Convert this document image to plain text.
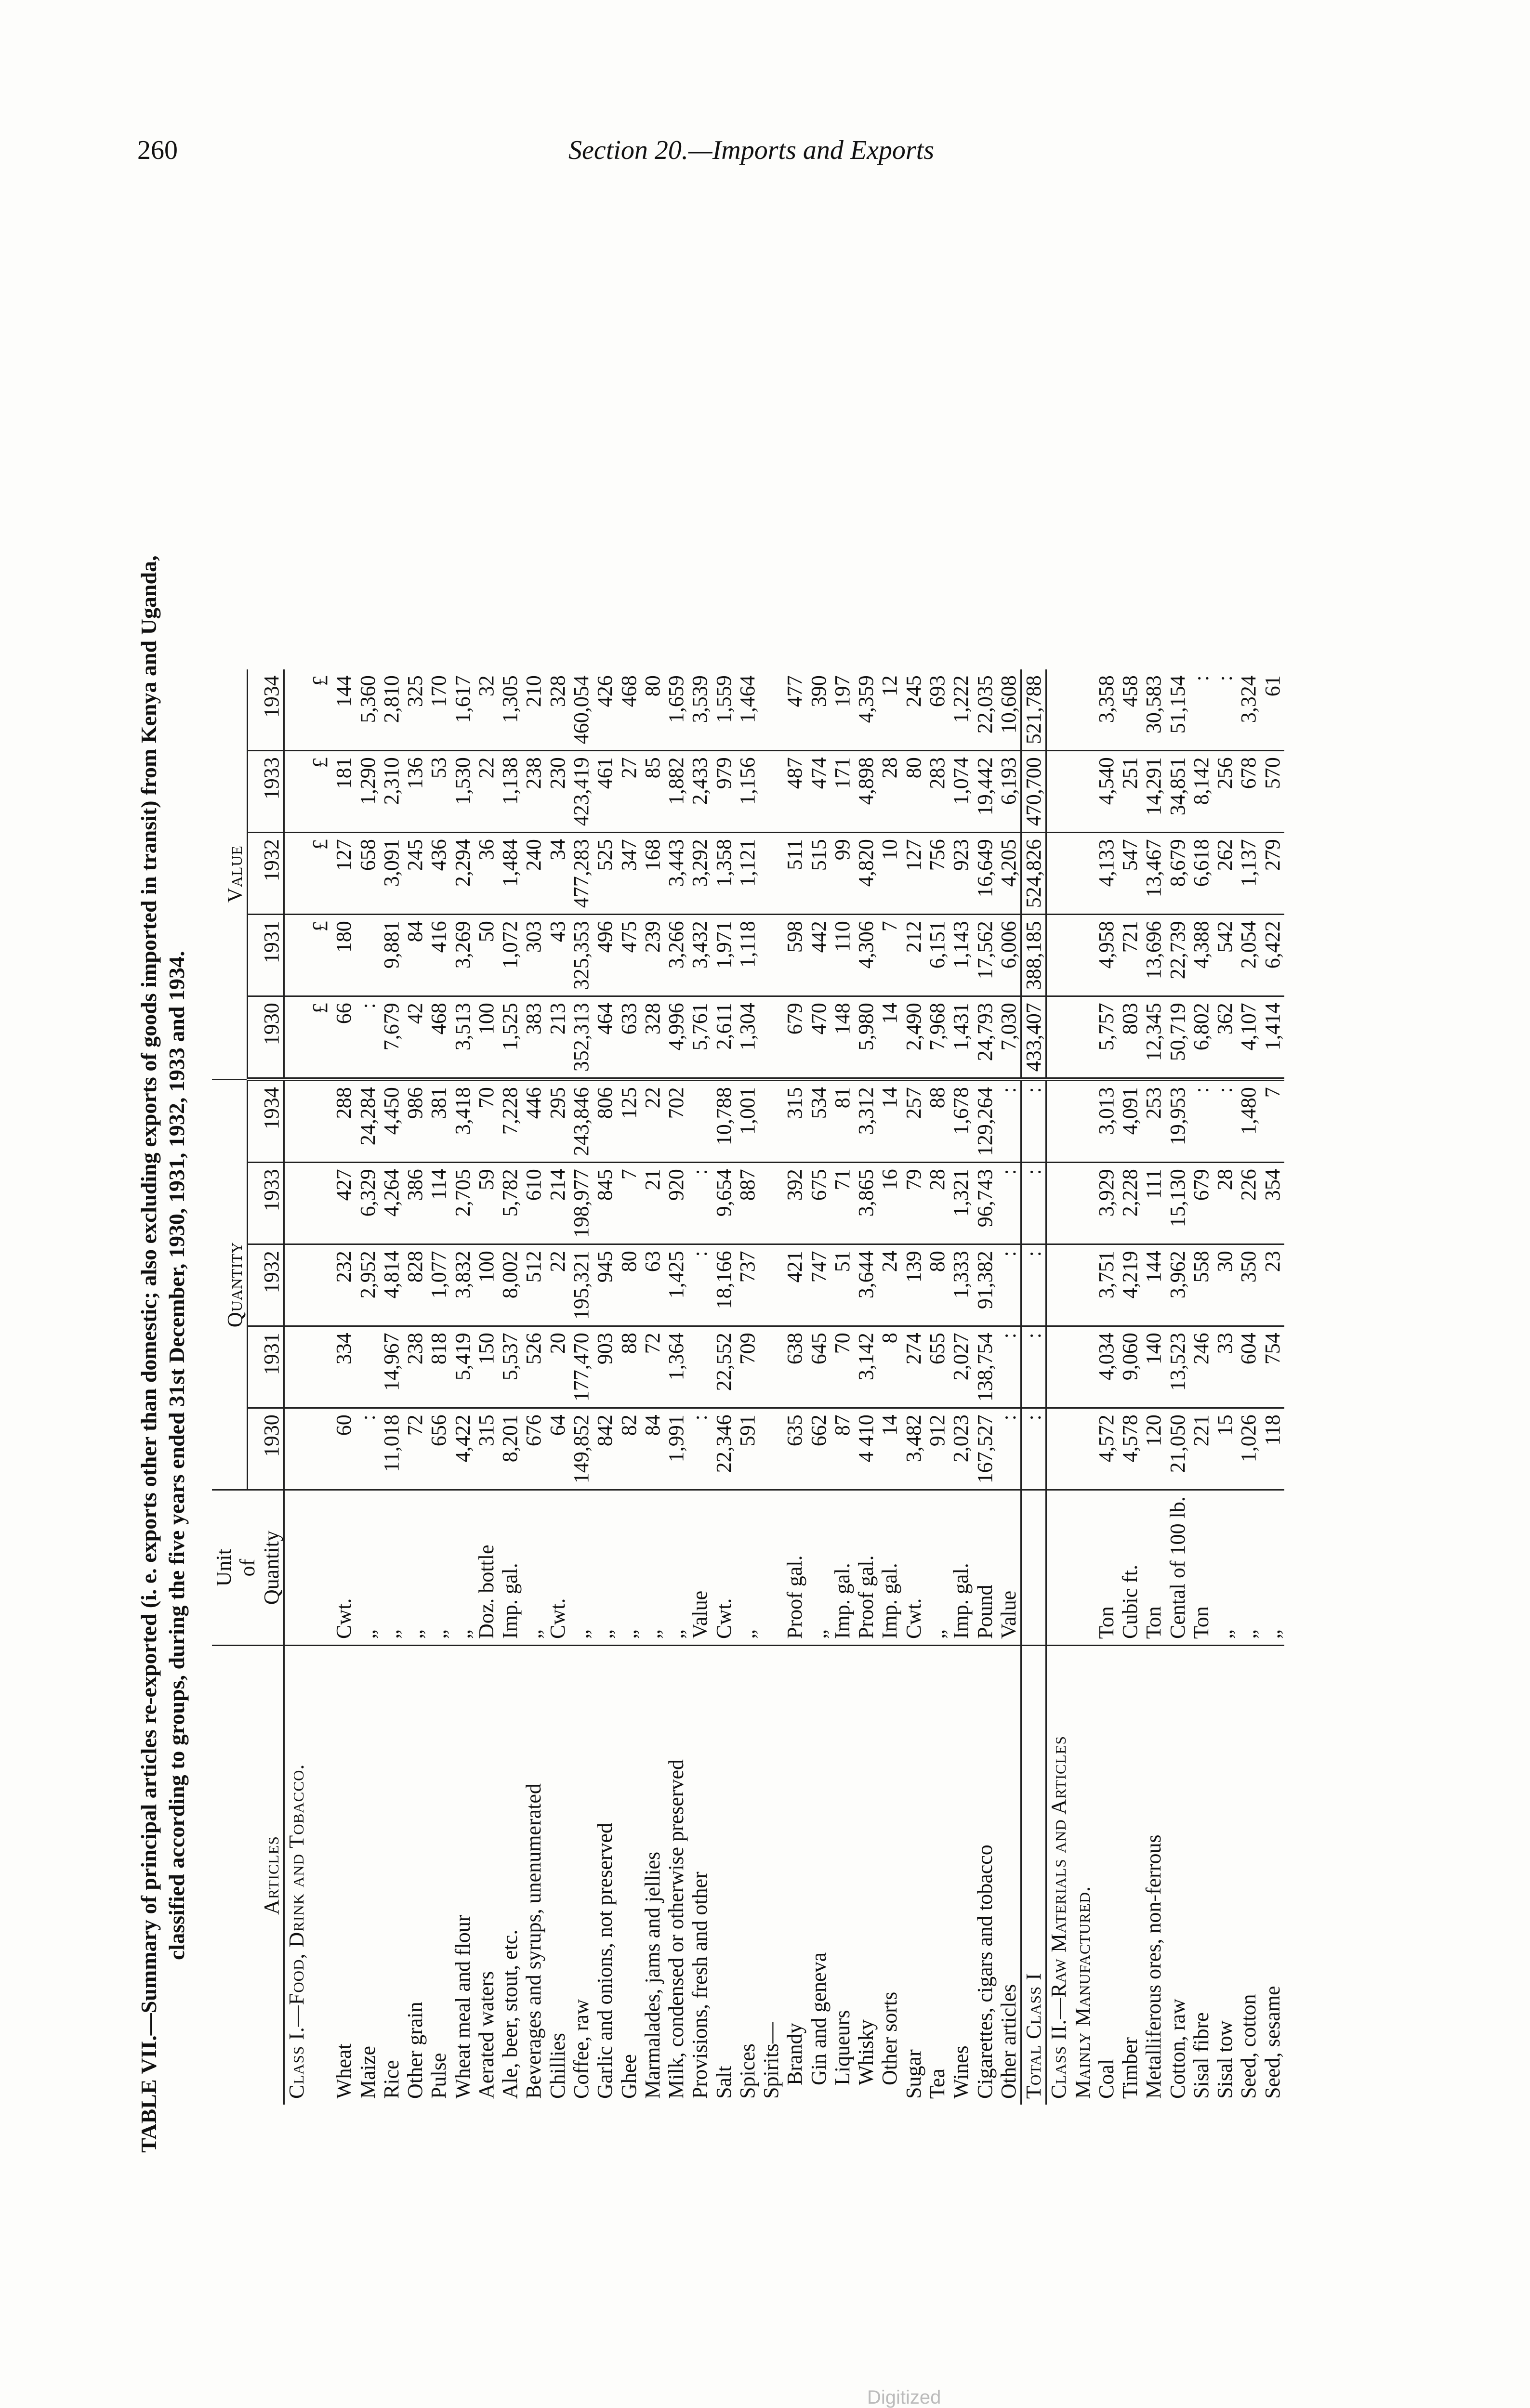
260	Section 20.—Imports and Exports
TABLE VII.—Summary of principal articles re-exported (i. e. exports other than domestic; also excluding exports of goods imported in transit) from Kenya and Uganda, classified according to groups, during the five years ended 31st December, 1930, 1931, 1932, 1933 and 1934.	Articles	Unit of Quantity	Quantity					Value				
		1930	1931	1932	1933	1934	1930	1931	1932	1933	1934
Class I.—Food, Drink and Tobacco.											
							£	£	£	£	£
Wheat	Cwt.	60	334	232	427	288	66	180	127	181	144
Maize	„	:		2,952	6,329	24,284	:		658	1,290	5,360
Rice	„	11,018	14,967	4,814	4,264	4,450	7,679	9,881	3,091	2,310	2,810
Other grain	„	72	238	828	386	986	42	84	245	136	325
Pulse	„	656	818	1,077	114	381	468	416	436	53	170
Wheat meal and flour	„	4,422	5,419	3,832	2,705	3,418	3,513	3,269	2,294	1,530	1,617
Aerated waters	Doz. bottle	315	150	100	59	70	100	50	36	22	32
Ale, beer, stout, etc.	Imp. gal.	8,201	5,537	8,002	5,782	7,228	1,525	1,072	1,484	1,138	1,305
Beverages and syrups, unenumerated	„	676	526	512	610	446	383	303	240	238	210
Chillies	Cwt.	64	20	22	214	295	213	43	34	230	328
Coffee, raw	„	149,852	177,470	195,321	198,977	243,846	352,313	325,353	477,283	423,419	460,054
Garlic and onions, not preserved	„	842	903	945	845	806	464	496	525	461	426
Ghee	„	82	88	80	7	125	633	475	347	27	468
Marmalades, jams and jellies	„	84	72	63	21	22	328	239	168	85	80
Milk, condensed or otherwise preserved	„	1,991	1,364	1,425	920	702	4,996	3,266	3,443	1,882	1,659
Provisions, fresh and other	Value	:		:	:		5,761	3,432	3,292	2,433	3,539
Salt	Cwt.	22,346	22,552	18,166	9,654	10,788	2,611	1,971	1,358	979	1,559
Spices	„	591	709	737	887	1,001	1,304	1,118	1,121	1,156	1,464
Spirits—											
Brandy	Proof gal.	635	638	421	392	315	679	598	511	487	477
Gin and geneva	„	662	645	747	675	534	470	442	515	474	390
Liqueurs	Imp. gal.	87	70	51	71	81	148	110	99	171	197
Whisky	Proof gal.	4 410	3,142	3,644	3,865	3,312	5,980	4,306	4,820	4,898	4,359
Other sorts	Imp. gal.	14	8	24	16	14	14	7	10	28	12
Sugar	Cwt.	3,482	274	139	79	257	2,490	212	127	80	245
Tea	„	912	655	80	28	88	7,968	6,151	756	283	693
Wines	Imp. gal.	2,023	2,027	1,333	1,321	1,678	1,431	1,143	923	1,074	1,222
Cigarettes, cigars and tobacco	Pound	167,527	138,754	91,382	96,743	129,264	24,793	17,562	16,649	19,442	22,035
Other articles	Value	:	:	:	:	:	7,030	6,006	4,205	6,193	10,608
Total Class I		:	:	:	:	:	433,407	388,185	524,826	470,700	521,788
Class II.—Raw Materials and Articles											
Mainly Manufactured.											
Coal	Ton	4,572	4,034	3,751	3,929	3,013	5,757	4,958	4,133	4,540	3,358
Timber	Cubic ft.	4,578	9,060	4,219	2,228	4,091	803	721	547	251	458
Metalliferous ores, non-ferrous	Ton	120	140	144	111	253	12,345	13,696	13,467	14,291	30,583
Cotton, raw	Cental of 100 lb.	21,050	13,523	3,962	15,130	19,953	50,719	22,739	8,679	34,851	51,154
Sisal fibre	Ton	221	246	558	679	:	6,802	4,388	6,618	8,142	:
Sisal tow	„	15	33	30	28	:	362	542	262	256	:
Seed, cotton	„	1,026	604	350	226	1,480	4,107	2,054	1,137	678	3,324
Seed, sesame	„	118	754	23	354	7	1,414	6,422	279	570	61
Digitized
